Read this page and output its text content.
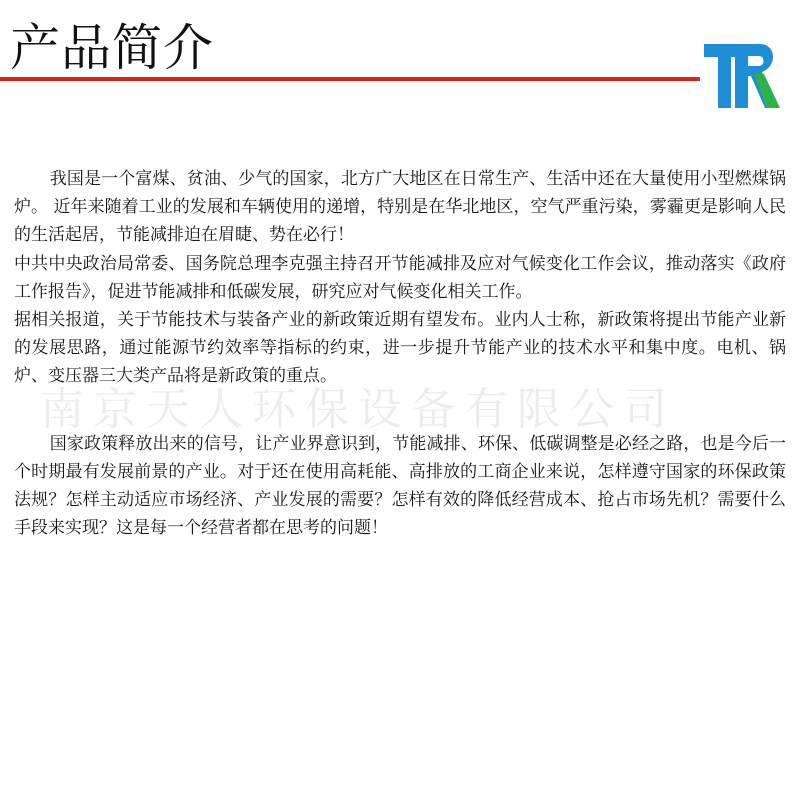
产品简介

我国是一个富煤、贫油、少气的国家，北方广大地区在日常生产、生活中还在大量使用小型燃煤锅炉。 近年来随着工业的发展和车辆使用的递增，特别是在华北地区，空气严重污染，雾霾更是影响人民的生活起居，节能减排迫在眉睫、势在必行！

中共中央政治局常委、国务院总理李克强主持召开节能减排及应对气候变化工作会议，推动落实《政府工作报告》，促进节能减排和低碳发展，研究应对气候变化相关工作。

据相关报道，关于节能技术与装备产业的新政策近期有望发布。业内人士称，新政策将提出节能产业新的发展思路，通过能源节约效率等指标的约束，进一步提升节能产业的技术水平和集中度。电机、锅炉、变压器三大类产品将是新政策的重点。

国家政策释放出来的信号，让产业界意识到，节能减排、环保、低碳调整是必经之路，也是今后一个时期最有发展前景的产业。对于还在使用高耗能、高排放的工商企业来说，怎样遵守国家的环保政策法规？怎样主动适应市场经济、产业发展的需要？怎样有效的降低经营成本、抢占市场先机？需要什么手段来实现？这是每一个经营者都在思考的问题！

南京天人环保设备有限公司
